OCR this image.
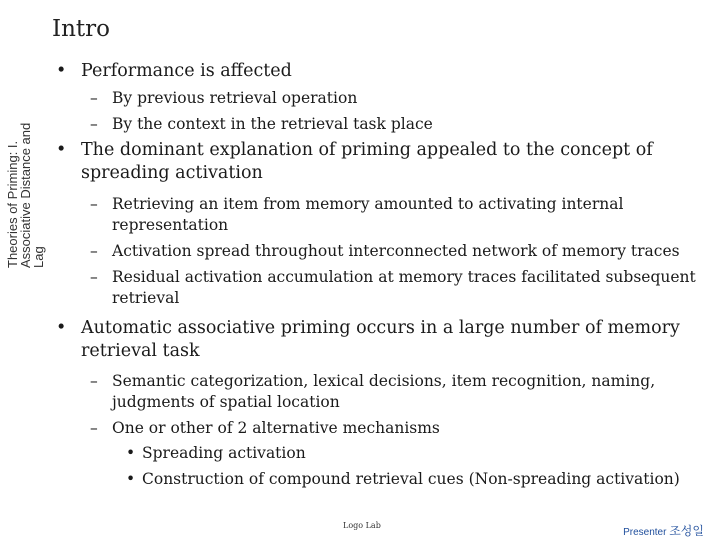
Theories of Priming: I.
Associative Distance and
Lag
Intro
• Performance is affected
– By previous retrieval operation
– By the context in the retrieval task place
• The dominant explanation of priming appealed to the concept of spreading activation
– Retrieving an item from memory amounted to activating internal representation
– Activation spread throughout interconnected network of memory traces
– Residual activation accumulation at memory traces facilitated subsequent retrieval
• Automatic associative priming occurs in a large number of memory retrieval task
– Semantic categorization, lexical decisions, item recognition, naming, judgments of spatial location
– One or other of 2 alternative mechanisms
• Spreading activation
• Construction of compound retrieval cues (Non-spreading activation)
Logo Lab
Presenter 조성일
